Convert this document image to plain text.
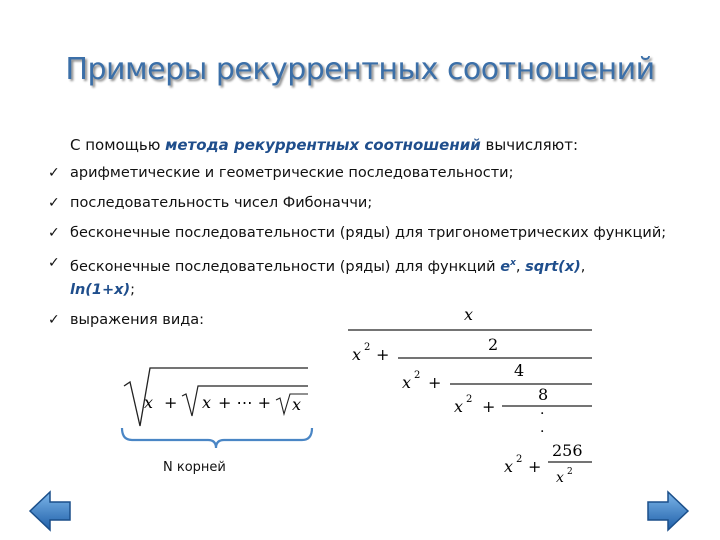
Примеры рекуррентных соотношений
С помощью метода рекуррентных соотношений вычисляют:
✓ арифметические и геометрические последовательности;
✓ последовательность чисел Фибоначчи;
✓ бесконечные последовательности (ряды) для тригонометрических функций;
✓ бесконечные последовательности (ряды) для функций $e^x$, sqrt(x),
ln(1+x);
✓ выражения вида:
x + x + ⋯ + x
N корней
x
x 2 +
2
x 2 +
4
x 2 +
8
·
·
x 2 +
256
x 2
